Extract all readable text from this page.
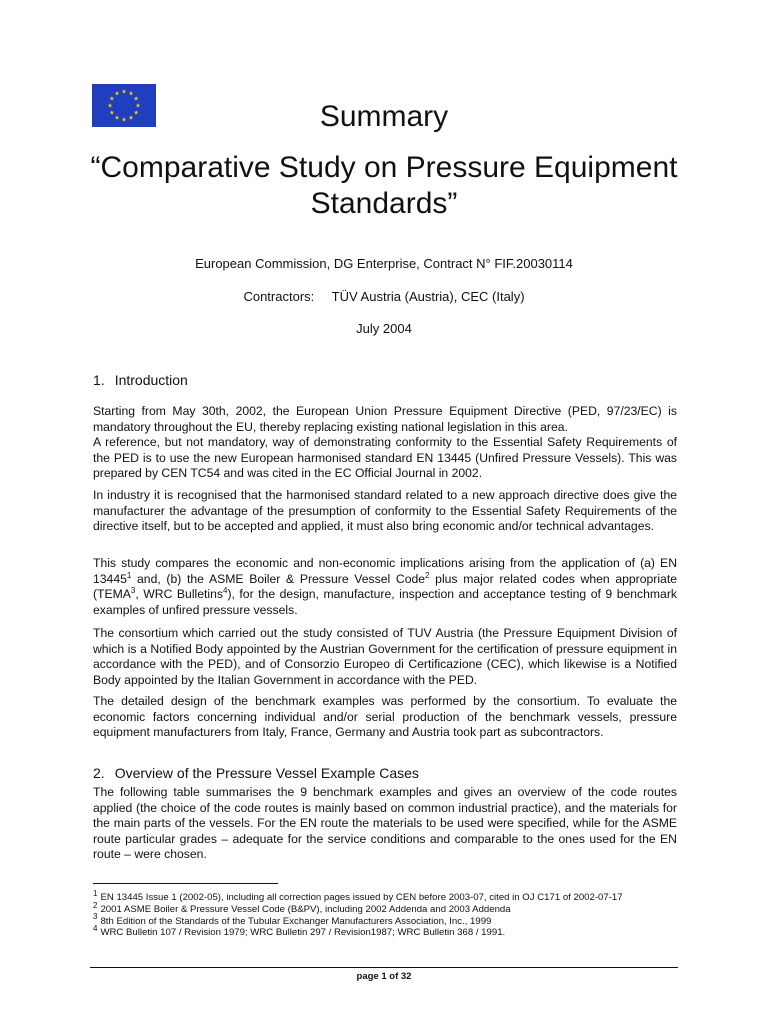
Summary
“Comparative Study on Pressure Equipment Standards”
European Commission, DG Enterprise, Contract N° FIF.20030114
Contractors: TÜV Austria (Austria), CEC (Italy)
July 2004
1. Introduction

Starting from May 30th, 2002, the European Union Pressure Equipment Directive (PED, 97/23/EC) is mandatory throughout the EU, thereby replacing existing national legislation in this area.

A reference, but not mandatory, way of demonstrating conformity to the Essential Safety Requirements of the PED is to use the new European harmonised standard EN 13445 (Unfired Pressure Vessels). This was prepared by CEN TC54 and was cited in the EC Official Journal in 2002.

In industry it is recognised that the harmonised standard related to a new approach directive does give the manufacturer the advantage of the presumption of conformity to the Essential Safety Requirements of the directive itself, but to be accepted and applied, it must also bring economic and/or technical advantages.

This study compares the economic and non-economic implications arising from the application of (a) EN 13445$^1$ and, (b) the ASME Boiler & Pressure Vessel Code$^2$ plus major related codes when appropriate (TEMA$^3$, WRC Bulletins$^4$), for the design, manufacture, inspection and acceptance testing of 9 benchmark examples of unfired pressure vessels.

The consortium which carried out the study consisted of TUV Austria (the Pressure Equipment Division of which is a Notified Body appointed by the Austrian Government for the certification of pressure equipment in accordance with the PED), and of Consorzio Europeo di Certificazione (CEC), which likewise is a Notified Body appointed by the Italian Government in accordance with the PED.

The detailed design of the benchmark examples was performed by the consortium. To evaluate the economic factors concerning individual and/or serial production of the benchmark vessels, pressure equipment manufacturers from Italy, France, Germany and Austria took part as subcontractors.

2. Overview of the Pressure Vessel Example Cases

The following table summarises the 9 benchmark examples and gives an overview of the code routes applied (the choice of the code routes is mainly based on common industrial practice), and the materials for the main parts of the vessels. For the EN route the materials to be used were specified, while for the ASME route particular grades – adequate for the service conditions and comparable to the ones used for the EN route – were chosen.

$^1$ EN 13445 Issue 1 (2002-05), including all correction pages issued by CEN before 2003-07, cited in OJ C171 of 2002-07-17

$^2$ 2001 ASME Boiler & Pressure Vessel Code (B&PV), including 2002 Addenda and 2003 Addenda

$^3$ 8th Edition of the Standards of the Tubular Exchanger Manufacturers Association, Inc., 1999

$^4$ WRC Bulletin 107 / Revision 1979; WRC Bulletin 297 / Revision1987; WRC Bulletin 368 / 1991.

page 1 of 32
